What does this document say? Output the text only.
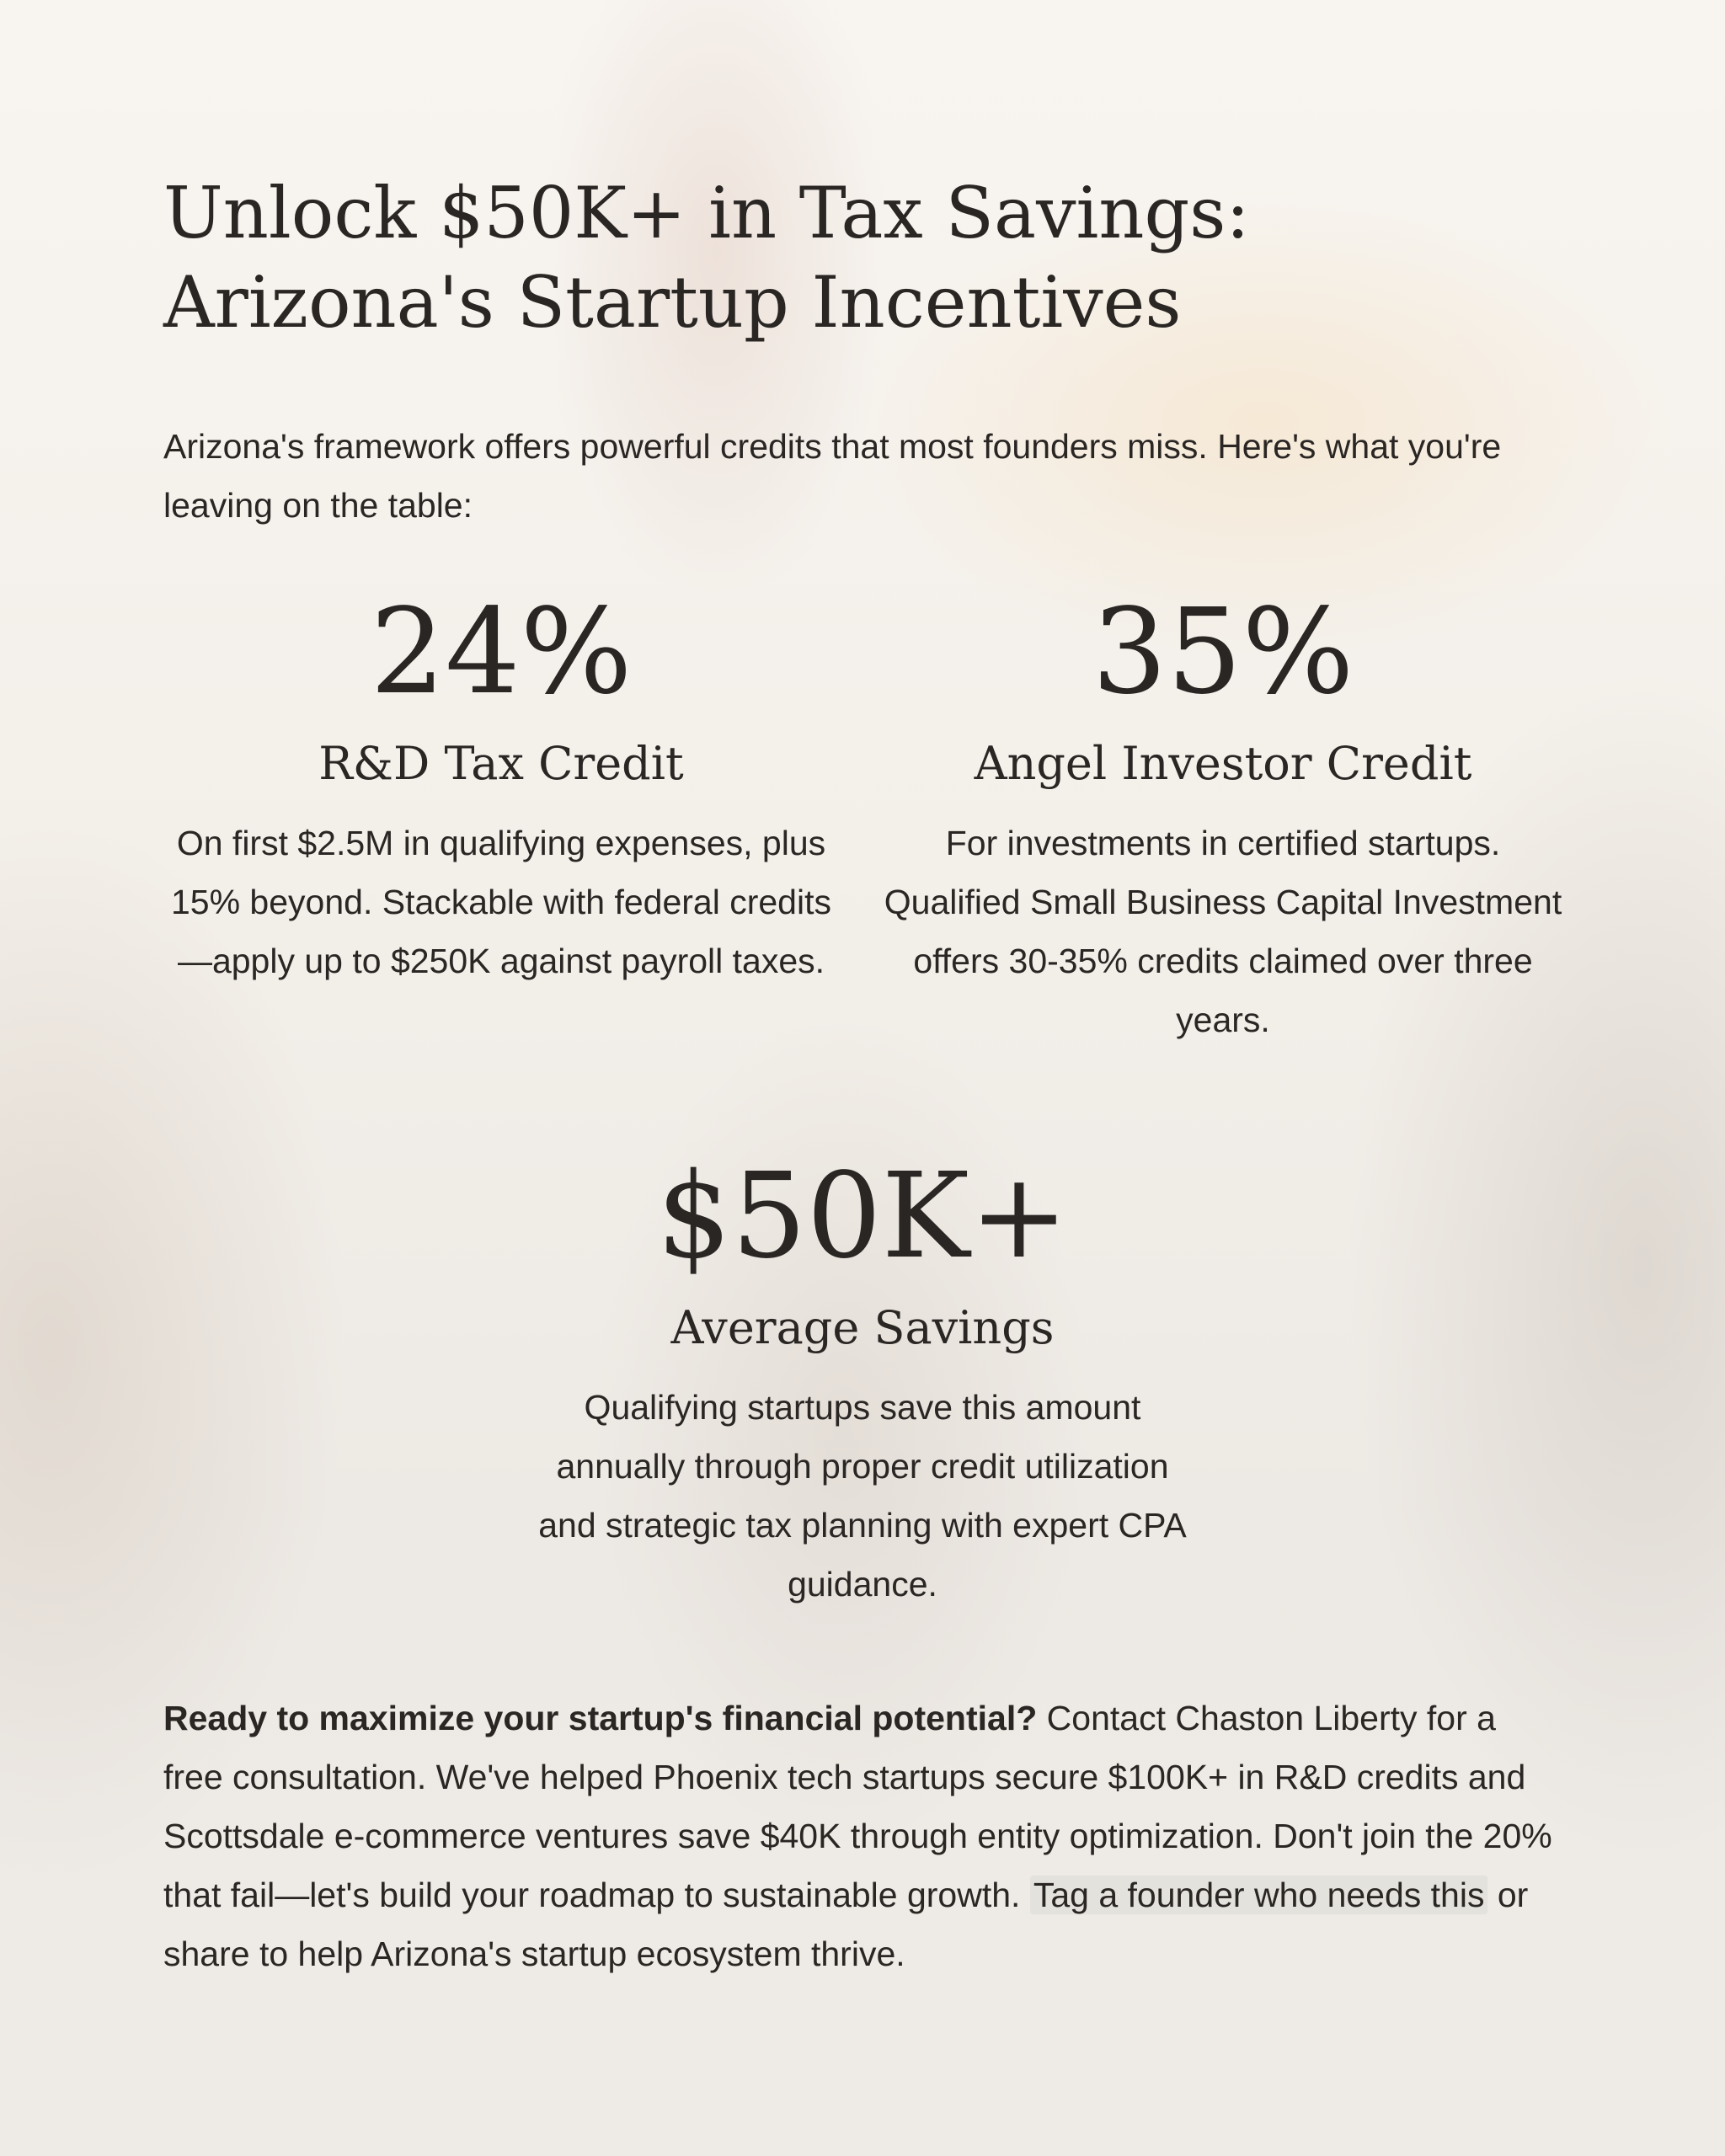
Unlock $50K+ in Tax Savings: Arizona's Startup Incentives

Arizona's framework offers powerful credits that most founders miss. Here's what you're leaving on the table:

24%
R&D Tax Credit
On first $2.5M in qualifying expenses, plus 15% beyond. Stackable with federal credits—apply up to $250K against payroll taxes.
35%
Angel Investor Credit
For investments in certified startups. Qualified Small Business Capital Investment offers 30-35% credits claimed over three years.
$50K+
Average Savings
Qualifying startups save this amount annually through proper credit utilization and strategic tax planning with expert CPA guidance.

Ready to maximize your startup's financial potential? Contact Chaston Liberty for a free consultation. We've helped Phoenix tech startups secure $100K+ in R&D credits and Scottsdale e-commerce ventures save $40K through entity optimization. Don't join the 20% that fail—let's build your roadmap to sustainable growth. Tag a founder who needs this or share to help Arizona's startup ecosystem thrive.
